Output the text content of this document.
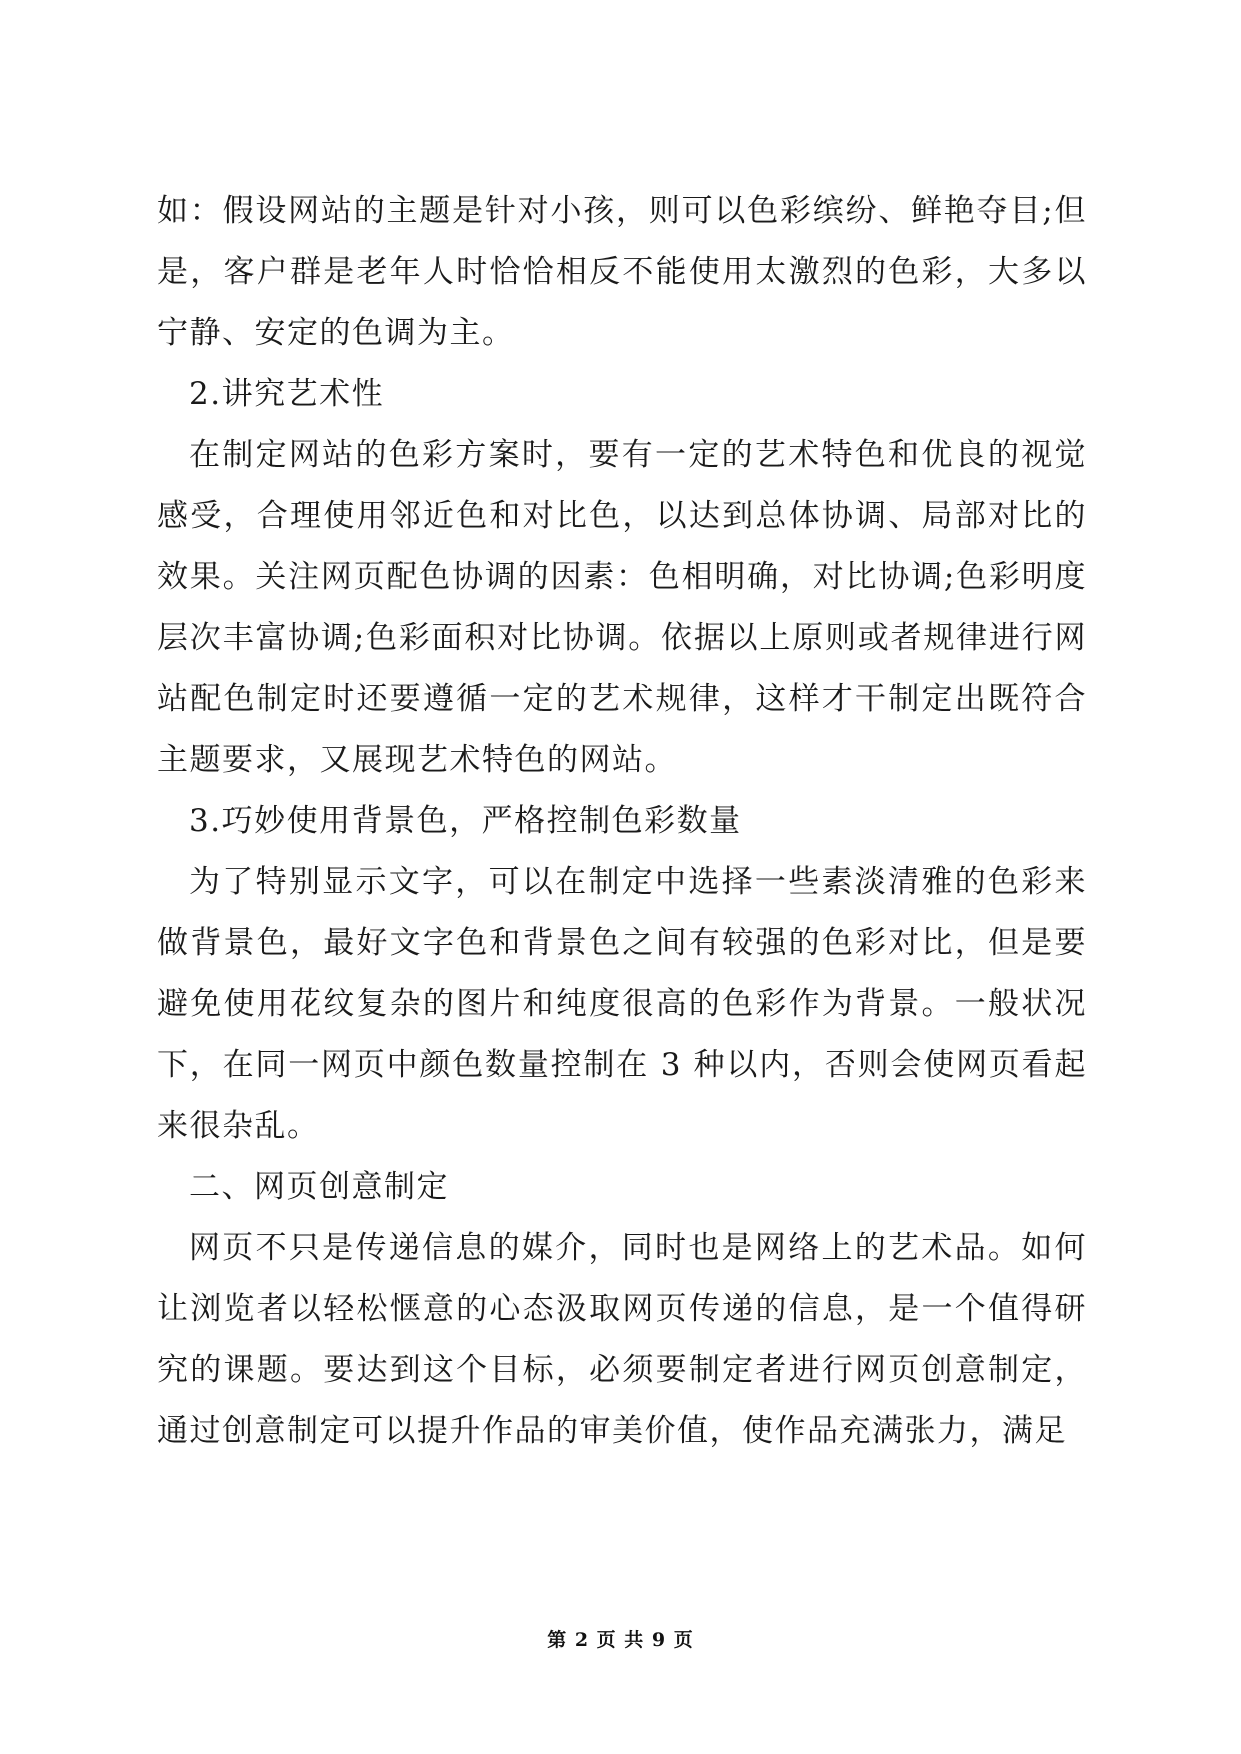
如：假设网站的主题是针对小孩，则可以色彩缤纷、鲜艳夺目;但是，客户群是老年人时恰恰相反不能使用太激烈的色彩，大多以宁静、安定的色调为主。

2.讲究艺术性

在制定网站的色彩方案时，要有一定的艺术特色和优良的视觉感受，合理使用邻近色和对比色，以达到总体协调、局部对比的效果。关注网页配色协调的因素：色相明确，对比协调;色彩明度层次丰富协调;色彩面积对比协调。依据以上原则或者规律进行网站配色制定时还要遵循一定的艺术规律，这样才干制定出既符合主题要求，又展现艺术特色的网站。

3.巧妙使用背景色，严格控制色彩数量

为了特别显示文字，可以在制定中选择一些素淡清雅的色彩来做背景色，最好文字色和背景色之间有较强的色彩对比，但是要避免使用花纹复杂的图片和纯度很高的色彩作为背景。一般状况下，在同一网页中颜色数量控制在 3 种以内，否则会使网页看起来很杂乱。

二、网页创意制定

网页不只是传递信息的媒介，同时也是网络上的艺术品。如何让浏览者以轻松惬意的心态汲取网页传递的信息，是一个值得研究的课题。要达到这个目标，必须要制定者进行网页创意制定，通过创意制定可以提升作品的审美价值，使作品充满张力，满足

第 2 页 共 9 页
